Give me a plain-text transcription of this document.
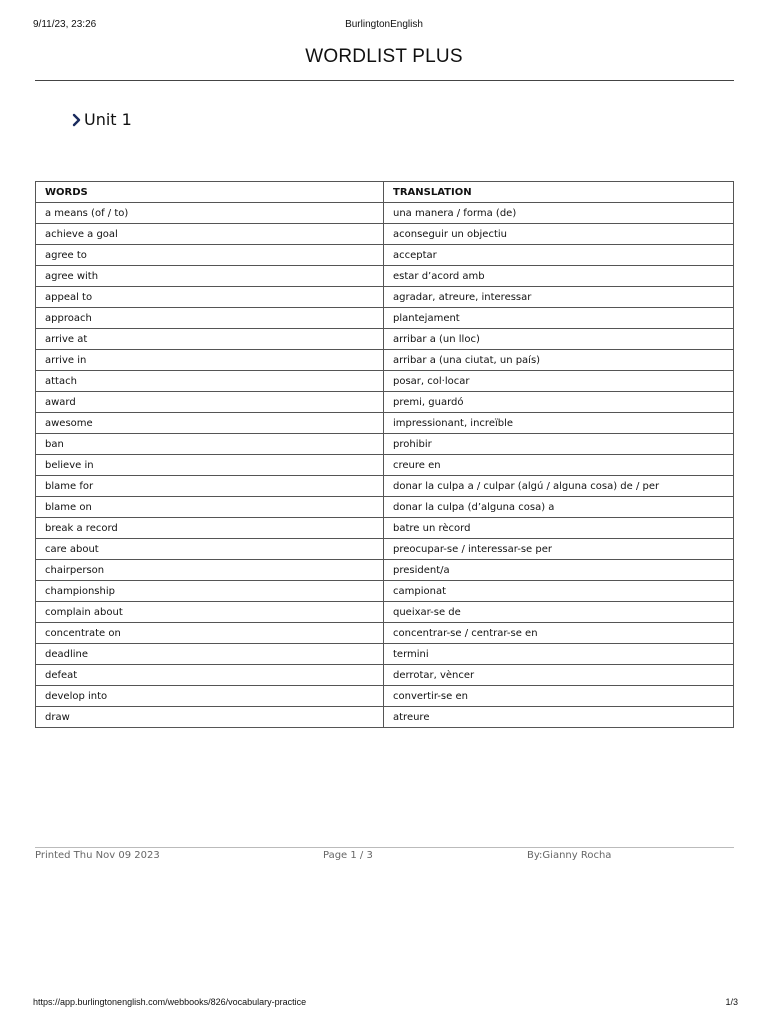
9/11/23, 23:26	BurlingtonEnglish
WORDLIST PLUS
Unit 1
WORDS	TRANSLATION
a means (of / to)	una manera / forma (de)
achieve a goal	aconseguir un objectiu
agree to	acceptar
agree with	estar d’acord amb
appeal to	agradar, atreure, interessar
approach	plantejament
arrive at	arribar a (un lloc)
arrive in	arribar a (una ciutat, un país)
attach	posar, col·locar
award	premi, guardó
awesome	impressionant, increïble
ban	prohibir
believe in	creure en
blame for	donar la culpa a / culpar (algú / alguna cosa) de / per
blame on	donar la culpa (d’alguna cosa) a
break a record	batre un rècord
care about	preocupar-se / interessar-se per
chairperson	president/a
championship	campionat
complain about	queixar-se de
concentrate on	concentrar-se / centrar-se en
deadline	termini
defeat	derrotar, vèncer
develop into	convertir-se en
draw	atreure
Printed Thu Nov 09 2023	Page 1 / 3	By:Gianny Rocha
https://app.burlingtonenglish.com/webbooks/826/vocabulary-practice	1/3
